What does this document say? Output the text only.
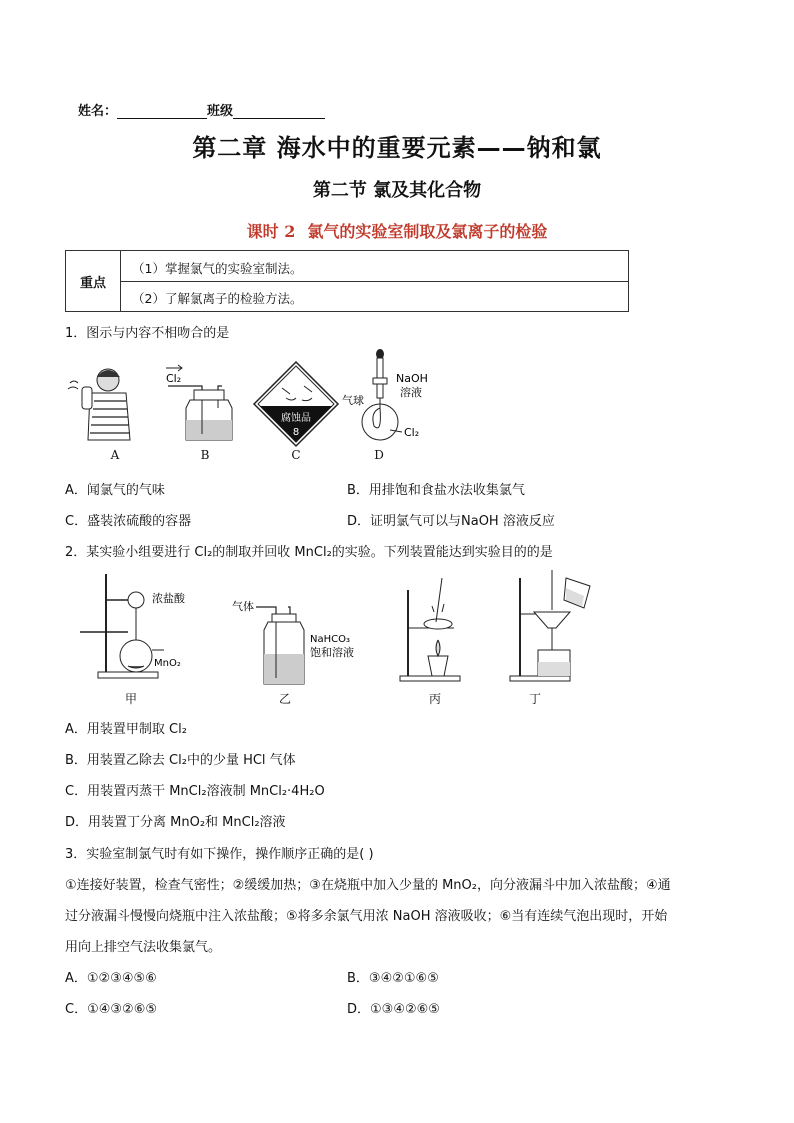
姓名：	班级
第二章 海水中的重要元素——钠和氯
第二节 氯及其化合物
课时 2 氯气的实验室制取及氯离子的检验
重点
（1）掌握氯气的实验室制法。
（2）了解氯离子的检验方法。
1．图示与内容不相吻合的是
A
Cl₂
B
腐蚀品
8
C
NaOH
溶液
气球
Cl₂
D
A．闻氯气的气味	B．用排饱和食盐水法收集氯气
C．盛装浓硫酸的容器	D．证明氯气可以与NaOH 溶液反应
2．某实验小组要进行 Cl₂的制取并回收 MnCl₂的实验。下列装置能达到实验目的的是
浓盐酸
MnO₂
甲
气体
NaHCO₃
饱和溶液
乙	丙	丁
A．用装置甲制取 Cl₂
B．用装置乙除去 Cl₂中的少量 HCl 气体
C．用装置丙蒸干 MnCl₂溶液制 MnCl₂·4H₂O
D．用装置丁分离 MnO₂和 MnCl₂溶液
3．实验室制氯气时有如下操作，操作顺序正确的是( )
①连接好装置，检查气密性；②缓缓加热；③在烧瓶中加入少量的 MnO₂，向分液漏斗中加入浓盐酸；④通
过分液漏斗慢慢向烧瓶中注入浓盐酸；⑤将多余氯气用浓 NaOH 溶液吸收；⑥当有连续气泡出现时，开始
用向上排空气法收集氯气。
A．①②③④⑤⑥	B．③④②①⑥⑤
C．①④③②⑥⑤	D．①③④②⑥⑤
